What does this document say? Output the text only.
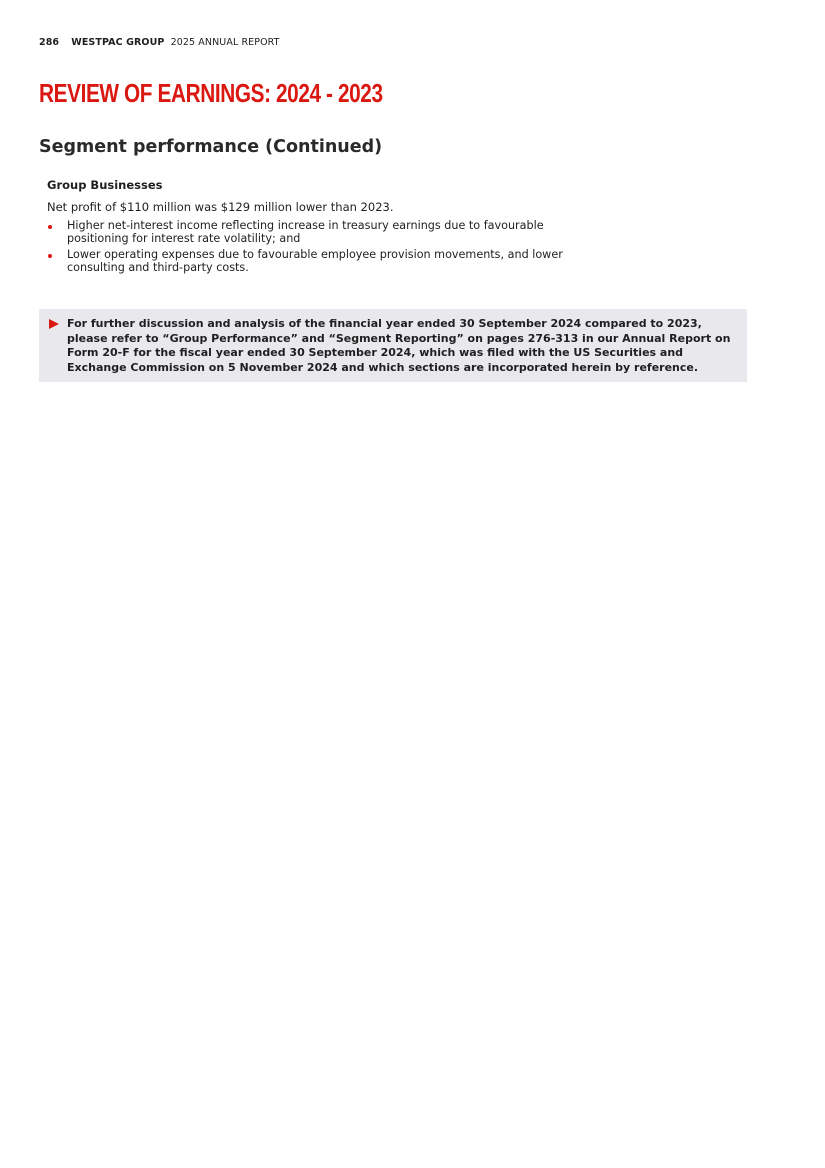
286 WESTPAC GROUP 2025 ANNUAL REPORT
REVIEW OF EARNINGS: 2024 - 2023
Segment performance (Continued)
Group Businesses

Net profit of $110 million was $129 million lower than 2023.

Higher net-interest income reflecting increase in treasury earnings due to favourable positioning for interest rate volatility; and
Lower operating expenses due to favourable employee provision movements, and lower consulting and third-party costs.
For further discussion and analysis of the financial year ended 30 September 2024 compared to 2023, please refer to “Group Performance” and “Segment Reporting” on pages 276-313 in our Annual Report on Form 20-F for the fiscal year ended 30 September 2024, which was filed with the US Securities and Exchange Commission on 5 November 2024 and which sections are incorporated herein by reference.
